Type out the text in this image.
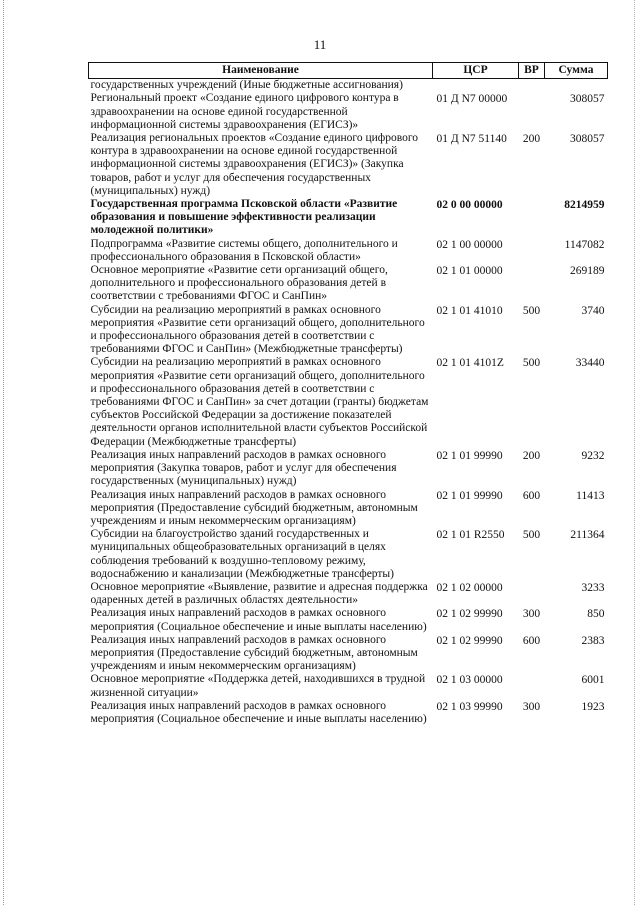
11
Наименование	ЦСР	ВР	Сумма
государственных учреждений (Иные бюджетные ассигнования)			
Региональный проект «Создание единого цифрового контура в здравоохранении на основе единой государственной информационной системы здравоохранения (ЕГИСЗ)»	01 Д N7 00000		308057
Реализация региональных проектов «Создание единого цифрового контура в здравоохранении на основе единой государственной информационной системы здравоохранения (ЕГИСЗ)» (Закупка товаров, работ и услуг для обеспечения государственных (муниципальных) нужд)	01 Д N7 51140	200	308057
Государственная программа Псковской области «Развитие образования и повышение эффективности реализации молодежной политики»	02 0 00 00000		8214959
Подпрограмма «Развитие системы общего, дополнительного и профессионального образования в Псковской области»	02 1 00 00000		1147082
Основное мероприятие «Развитие сети организаций общего, дополнительного и профессионального образования детей в соответствии с требованиями ФГОС и СанПин»	02 1 01 00000		269189
Субсидии на реализацию мероприятий в рамках основного мероприятия «Развитие сети организаций общего, дополнительного и профессионального образования детей в соответствии с требованиями ФГОС и СанПин» (Межбюджетные трансферты)	02 1 01 41010	500	3740
Субсидии на реализацию мероприятий в рамках основного мероприятия «Развитие сети организаций общего, дополнительного и профессионального образования детей в соответствии с требованиями ФГОС и СанПин» за счет дотации (гранты) бюджетам субъектов Российской Федерации за достижение показателей деятельности органов исполнительной власти субъектов Российской Федерации (Межбюджетные трансферты)	02 1 01 4101Z	500	33440
Реализация иных направлений расходов в рамках основного мероприятия (Закупка товаров, работ и услуг для обеспечения государственных (муниципальных) нужд)	02 1 01 99990	200	9232
Реализация иных направлений расходов в рамках основного мероприятия (Предоставление субсидий бюджетным, автономным учреждениям и иным некоммерческим организациям)	02 1 01 99990	600	11413
Субсидии на благоустройство зданий государственных и муниципальных общеобразовательных организаций в целях соблюдения требований к воздушно-тепловому режиму, водоснабжению и канализации (Межбюджетные трансферты)	02 1 01 R2550	500	211364
Основное мероприятие «Выявление, развитие и адресная поддержка одаренных детей в различных областях деятельности»	02 1 02 00000		3233
Реализация иных направлений расходов в рамках основного мероприятия (Социальное обеспечение и иные выплаты населению)	02 1 02 99990	300	850
Реализация иных направлений расходов в рамках основного мероприятия (Предоставление субсидий бюджетным, автономным учреждениям и иным некоммерческим организациям)	02 1 02 99990	600	2383
Основное мероприятие «Поддержка детей, находившихся в трудной жизненной ситуации»	02 1 03 00000		6001
Реализация иных направлений расходов в рамках основного мероприятия (Социальное обеспечение и иные выплаты населению)	02 1 03 99990	300	1923
